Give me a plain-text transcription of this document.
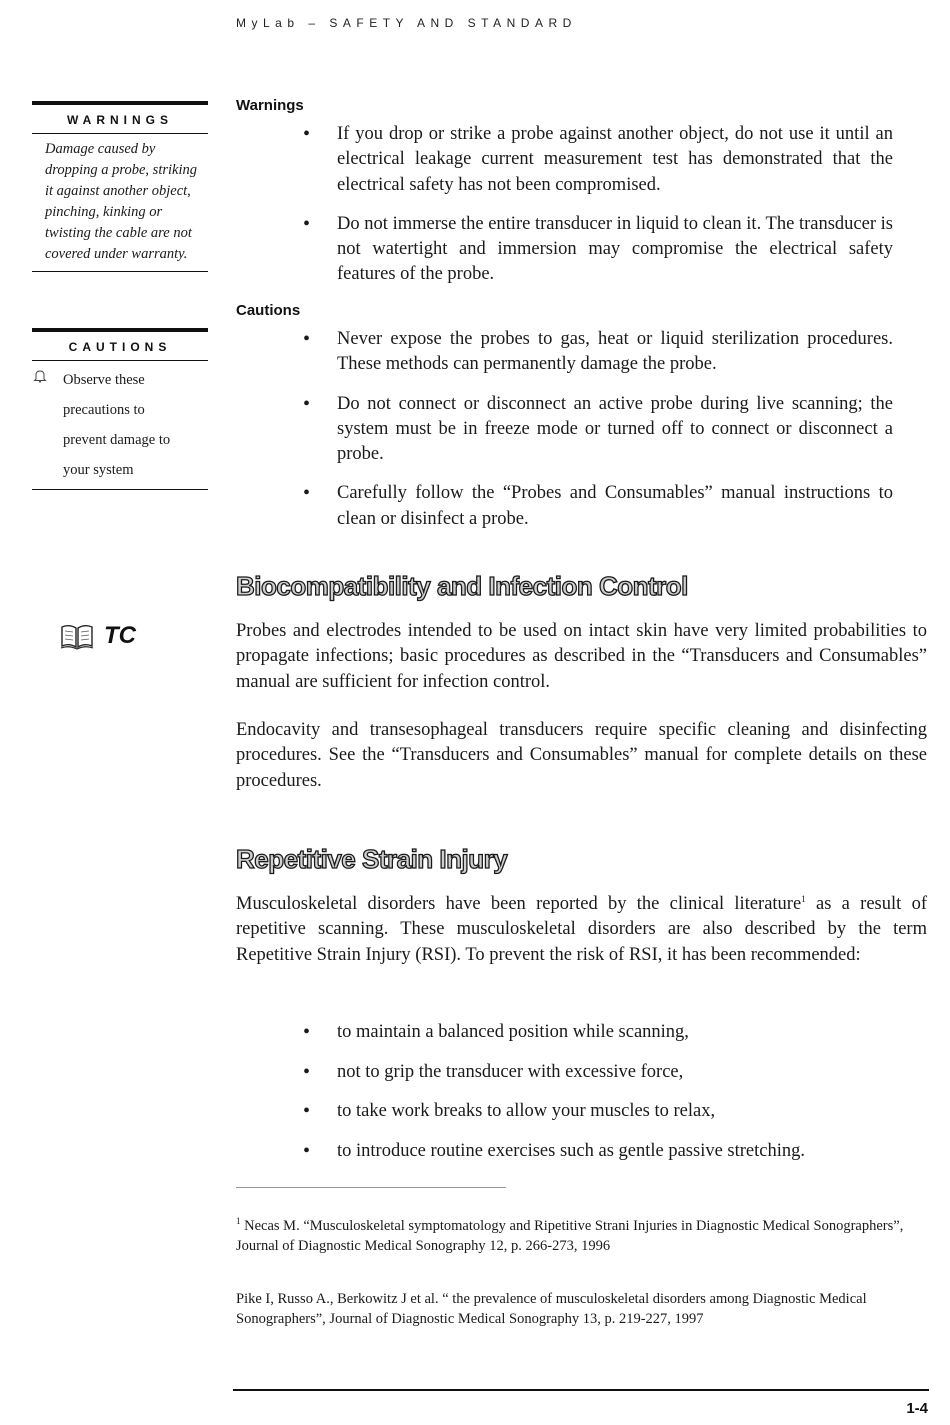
MyLab – SAFETY AND STANDARD
WARNINGS
Damage caused by dropping a probe, striking it against another object, pinching, kinking or twisting the cable are not covered under warranty.
CAUTIONS
Observe these
precautions to
prevent damage to
your system
TC
Warnings
• If you drop or strike a probe against another object, do not use it until an electrical leakage current measurement test has demonstrated that the electrical safety has not been compromised.
• Do not immerse the entire transducer in liquid to clean it. The transducer is not watertight and immersion may compromise the electrical safety features of the probe.
Cautions
• Never expose the probes to gas, heat or liquid sterilization procedures. These methods can permanently damage the probe.
• Do not connect or disconnect an active probe during live scanning; the system must be in freeze mode or turned off to connect or disconnect a probe.
• Carefully follow the “Probes and Consumables” manual instructions to clean or disinfect a probe.
Biocompatibility and Infection Control

Probes and electrodes intended to be used on intact skin have very limited probabilities to propagate infections; basic procedures as described in the “Transducers and Consumables” manual are sufficient for infection control.

Endocavity and transesophageal transducers require specific cleaning and disinfecting procedures. See the “Transducers and Consumables” manual for complete details on these procedures.

Repetitive Strain Injury

Musculoskeletal disorders have been reported by the clinical literature$^1$ as a result of repetitive scanning. These musculoskeletal disorders are also described by the term Repetitive Strain Injury (RSI). To prevent the risk of RSI, it has been recommended:

• to maintain a balanced position while scanning,
• not to grip the transducer with excessive force,
• to take work breaks to allow your muscles to relax,
• to introduce routine exercises such as gentle passive stretching.

$^1$ Necas M. “Musculoskeletal symptomatology and Ripetitive Strani Injuries in Diagnostic Medical Sonographers”, Journal of Diagnostic Medical Sonography 12, p. 266-273, 1996

Pike I, Russo A., Berkowitz J et al. “ the prevalence of musculoskeletal disorders among Diagnostic Medical Sonographers”, Journal of Diagnostic Medical Sonography 13, p. 219-227, 1997

1-4
